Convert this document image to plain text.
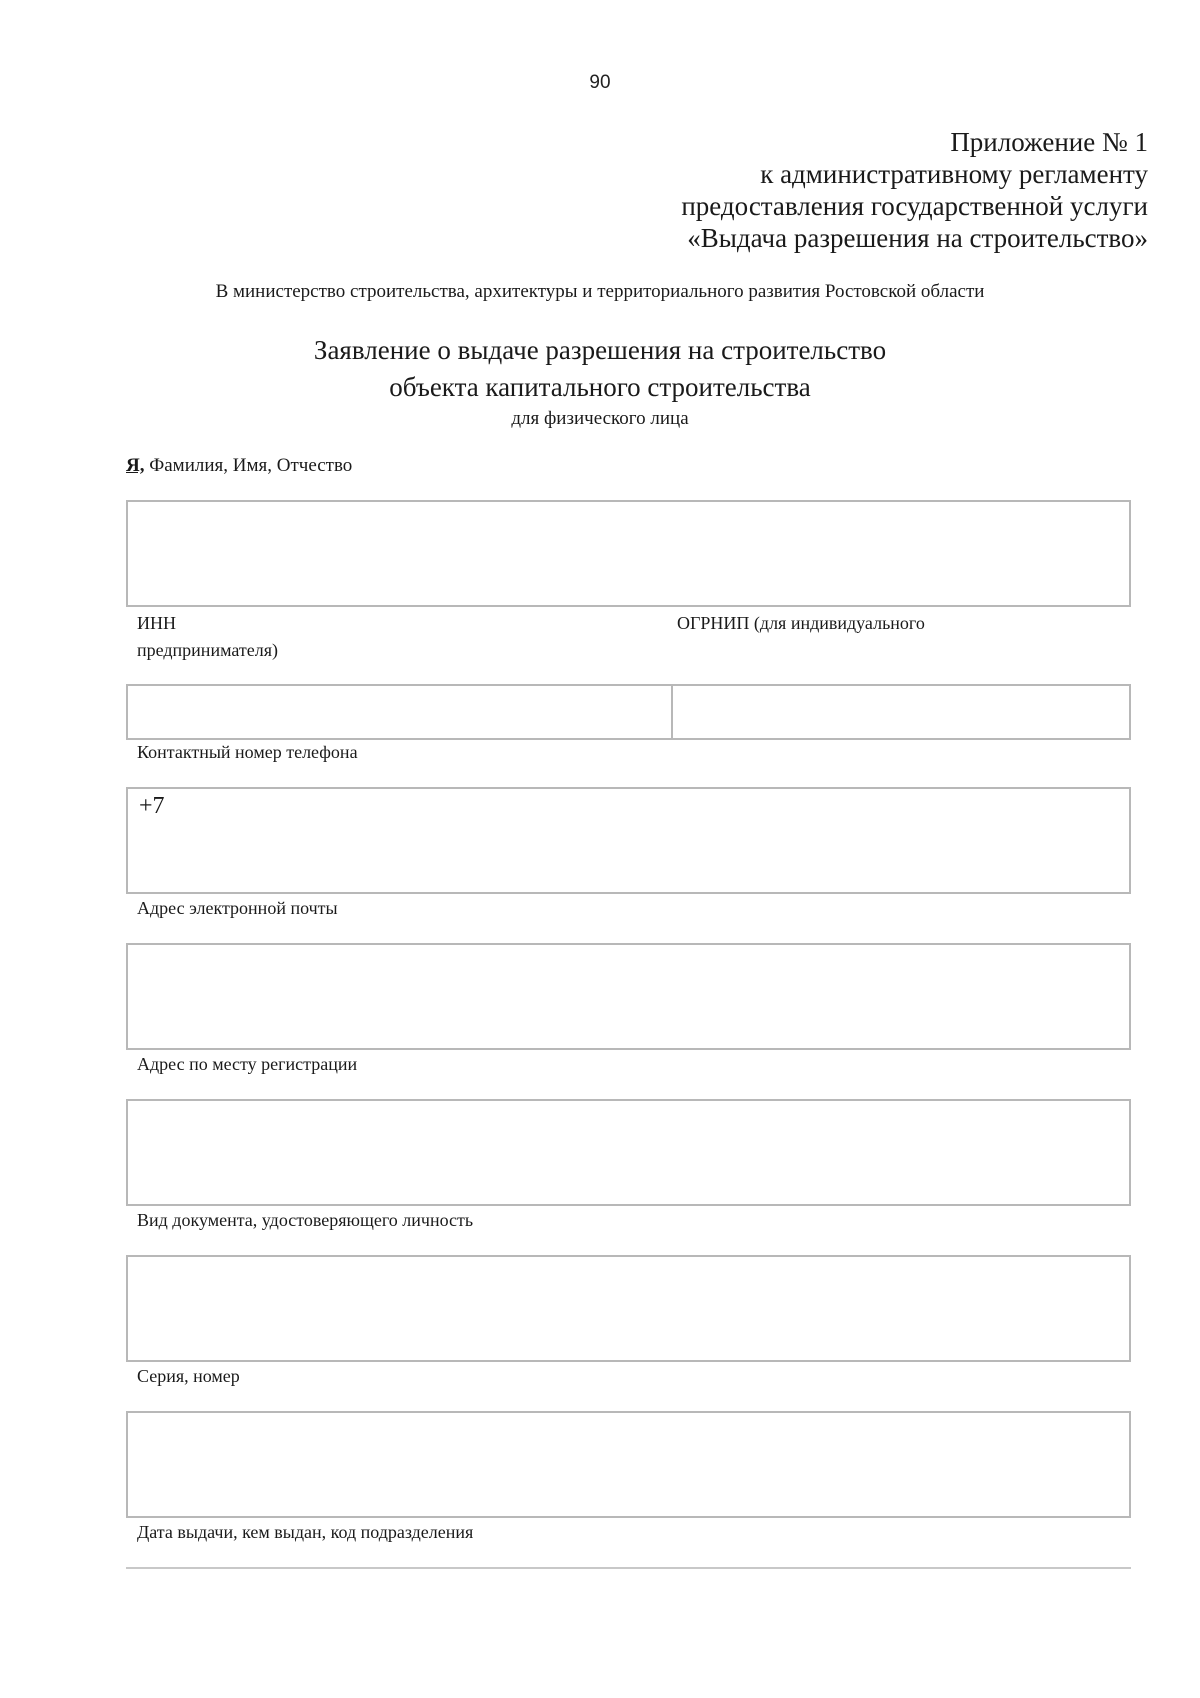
90
Приложение № 1
к административному регламенту
предоставления государственной услуги
«Выдача разрешения на строительство»
В министерство строительства, архитектуры и территориального развития Ростовской области
Заявление о выдаче разрешения на строительство
объекта капитального строительства
для физического лица
Я, Фамилия, Имя, Отчество
ИНН	ОГРНИП (для индивидуального
предпринимателя)
Контактный номер телефона
+7
Адрес электронной почты
Адрес по месту регистрации
Вид документа, удостоверяющего личность
Серия, номер
Дата выдачи, кем выдан, код подразделения
